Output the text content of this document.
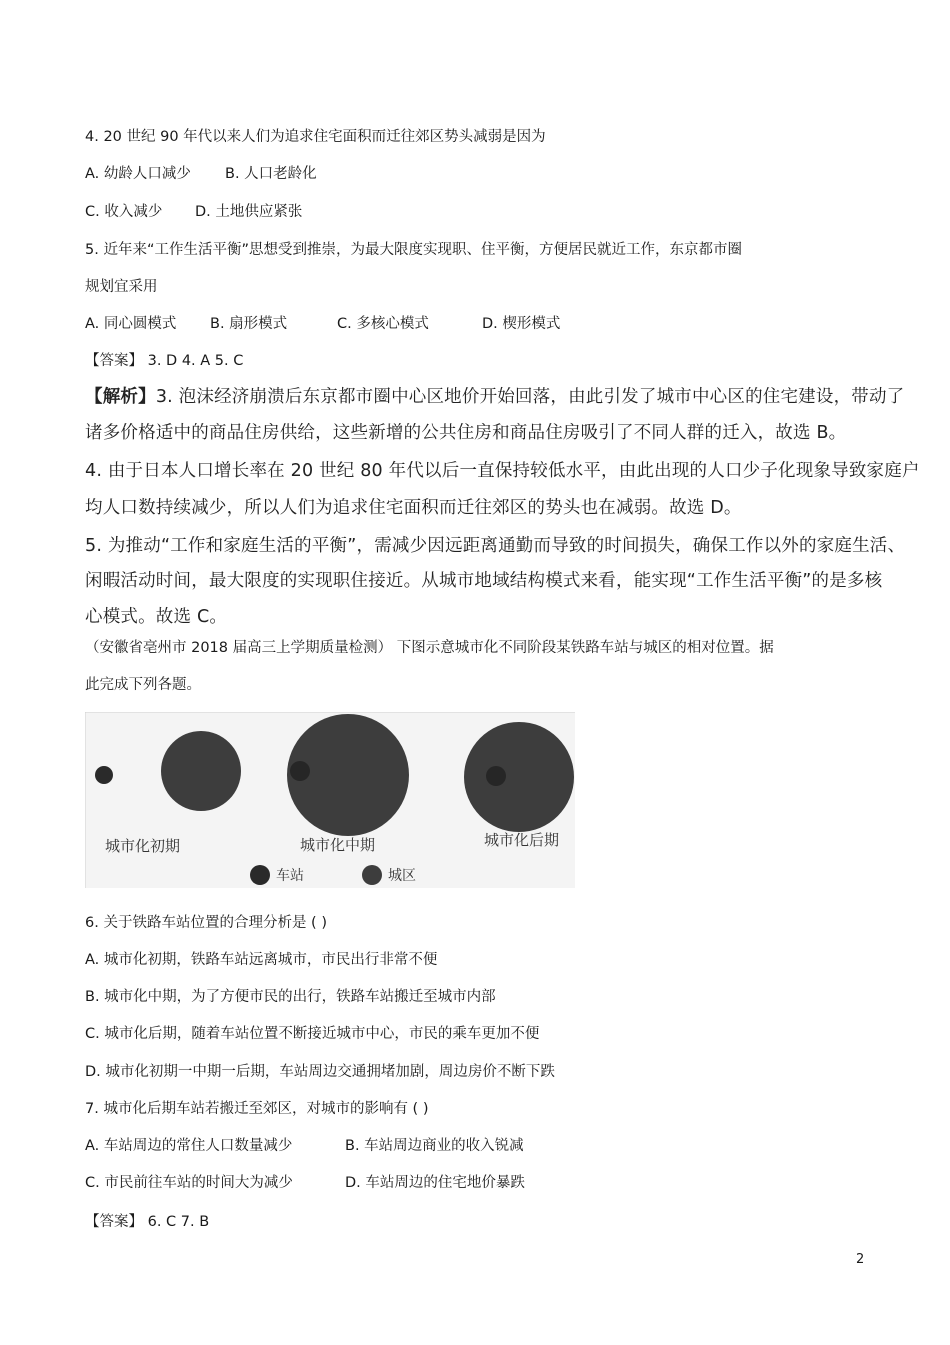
4. 20 世纪 90 年代以来人们为追求住宅面积而迁往郊区势头减弱是因为
A. 幼龄人口减少 B. 人口老龄化
C. 收入减少 D. 土地供应紧张
5. 近年来“工作生活平衡”思想受到推崇，为最大限度实现职、住平衡，方便居民就近工作，东京都市圈
规划宜采用
A. 同心圆模式 B. 扇形模式	C. 多核心模式	D. 楔形模式
【答案】 3. D 4. A 5. C
【解析】3. 泡沫经济崩溃后东京都市圈中心区地价开始回落，由此引发了城市中心区的住宅建设，带动了
诸多价格适中的商品住房供给，这些新增的公共住房和商品住房吸引了不同人群的迁入，故选 B。
4. 由于日本人口增长率在 20 世纪 80 年代以后一直保持较低水平，由此出现的人口少子化现象导致家庭户
均人口数持续减少，所以人们为追求住宅面积而迁往郊区的势头也在减弱。故选 D。
5. 为推动“工作和家庭生活的平衡”，需减少因远距离通勤而导致的时间损失，确保工作以外的家庭生活、
闲暇活动时间，最大限度的实现职住接近。从城市地域结构模式来看，能实现“工作生活平衡”的是多核
心模式。故选 C。
（安徽省亳州市 2018 届高三上学期质量检测） 下图示意城市化不同阶段某铁路车站与城区的相对位置。据
此完成下列各题。
城市化初期	城市化中期	城市化后期
车站	城区
6. 关于铁路车站位置的合理分析是 ( )
A. 城市化初期，铁路车站远离城市，市民出行非常不便
B. 城市化中期，为了方便市民的出行，铁路车站搬迁至城市内部
C. 城市化后期，随着车站位置不断接近城市中心，市民的乘车更加不便
D. 城市化初期一中期一后期，车站周边交通拥堵加剧，周边房价不断下跌
7. 城市化后期车站若搬迁至郊区，对城市的影响有 ( )
A. 车站周边的常住人口数量减少	B. 车站周边商业的收入锐减
C. 市民前往车站的时间大为减少	D. 车站周边的住宅地价暴跌
【答案】 6. C 7. B
2
